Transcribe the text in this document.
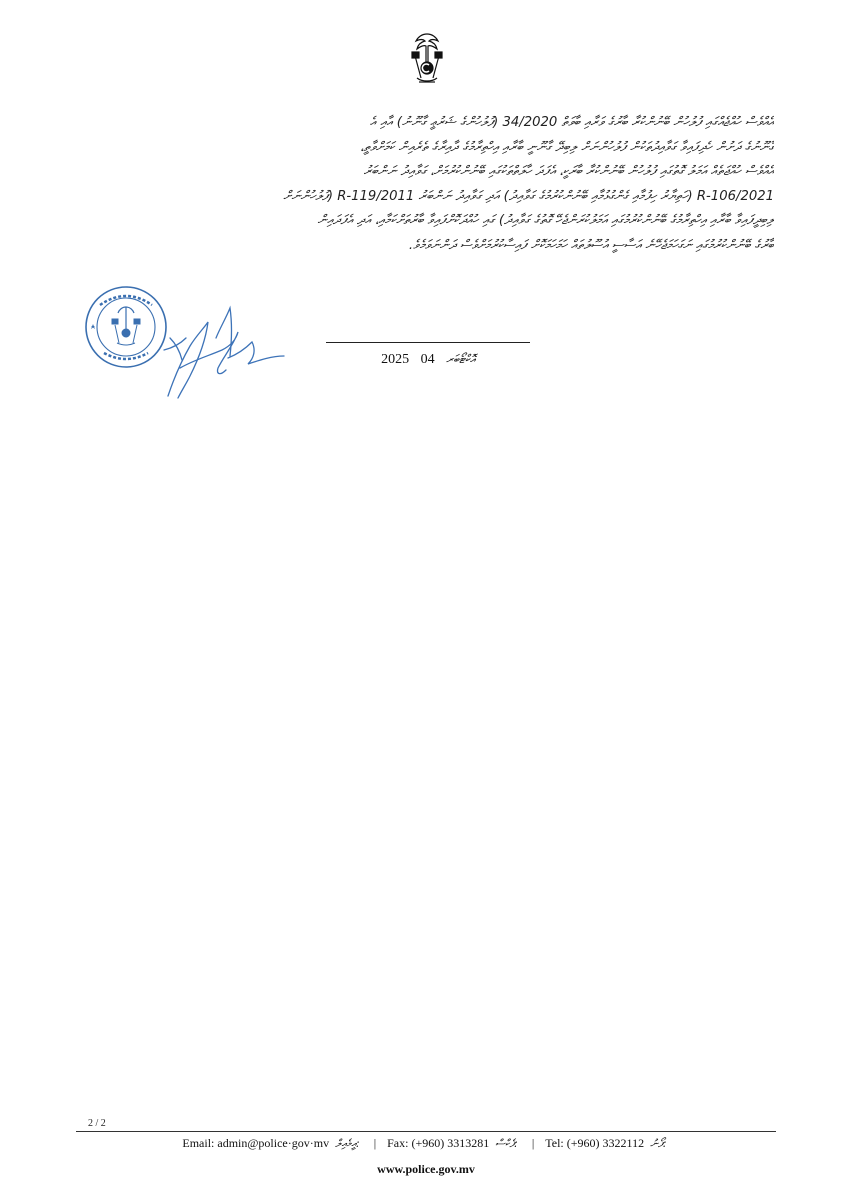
އެއްވެސް ހުއްޖެއްގައި ފުލުހުން ބޭނުންކުރާ ބާރުގެ ވަރާއި ބާވަތް 34/2020 (ފުލުހުންގެ ޝަރުޢީ ގާނޫނު) އާއި އެ
ގާނޫނުގެ ދަށުން ހެދިފައިވާ ގަވާއިދުތަކުން ފުލުހުންނަށް ލިބިދޭ ގާނޫނީ ބާރާއި އިހްތިރާމުގެ ދާއިރާގެ ތެރެއިން ކަމަށްވާތީ،
އެއްވެސް ހުއްޖަތެއް އަމަލު ގޮތުގައި ފުލުހުން ބޭނުންކުރާ ބާރަކީ، އެފަދަ ހާލަތްތަކުގައި ބޭނުންކުރުމަށް، ގަވާއިދު ނަންބަރު
2021/R-106 (ހަތިޔާރު ހިފުމާއި ގެންގުޅުމާއި ބޭނުންކުރުމުގެ ގަވާއިދު) އަދި ގަވާއިދު ނަންބަރު 2011/R-119 (ފުލުހުންނަށް
ލިބިދީފައިވާ ބާރާއި އިހްތިރާމުގެ ބޭނުންކުރުމުގައި އަމަލުކުރަންޖެހޭ ގޮތުގެ ގަވާއިދު) ގައި ހުއްދަކޮށްފައިވާ ބާރުތަށްކަމާއި، އަދި އެފަދައިން
ބާރުގެ ބޭނުންކުރުމުގައި ނަގަހަމަޖެހޭނެ އަސާސީ އުސޫލުތައް ހަމަހަމަކޮށް ފައިސާކުރުމަށްވެސް ދަންނަވަމެވެ.
2025	އޮކްޓޯބަރ 04
2 / 2
Email: admin@police·gov·mv އީމެއިލް: | Fax: (+960) 3313281 ފެކްސް: | Tel: (+960) 3322112 ފޯނު:
www.police.gov.mv
